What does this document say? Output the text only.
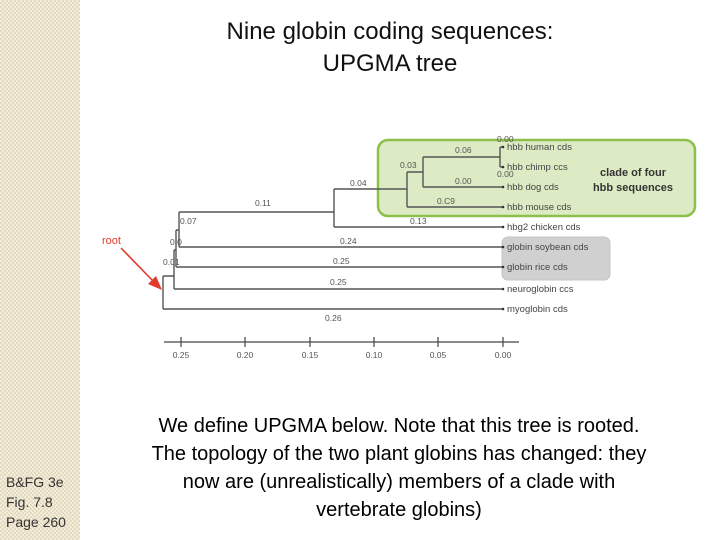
Nine globin coding sequences:
UPGMA tree
0.00
0.06
0.00
0.03
0.00
0.04
0.C9
0.11
0.13
0.07
0.24
0.0
0.25
0.01
0.25
0.26
hbb human cds
hbb chimp ccs
hbb dog cds
hbb mouse cds
hbg2 chicken cds
globin soybean cds
globin rice cds
neuroglobin ccs
myoglobin cds
clade of four
hbb sequences
root
0.25	0.20	0.15	0.10	0.05	0.00
We define UPGMA below. Note that this tree is rooted.
The topology of the two plant globins has changed: they
now are (unrealistically) members of a clade with
vertebrate globins)
B&FG 3e
Fig. 7.8
Page 260
